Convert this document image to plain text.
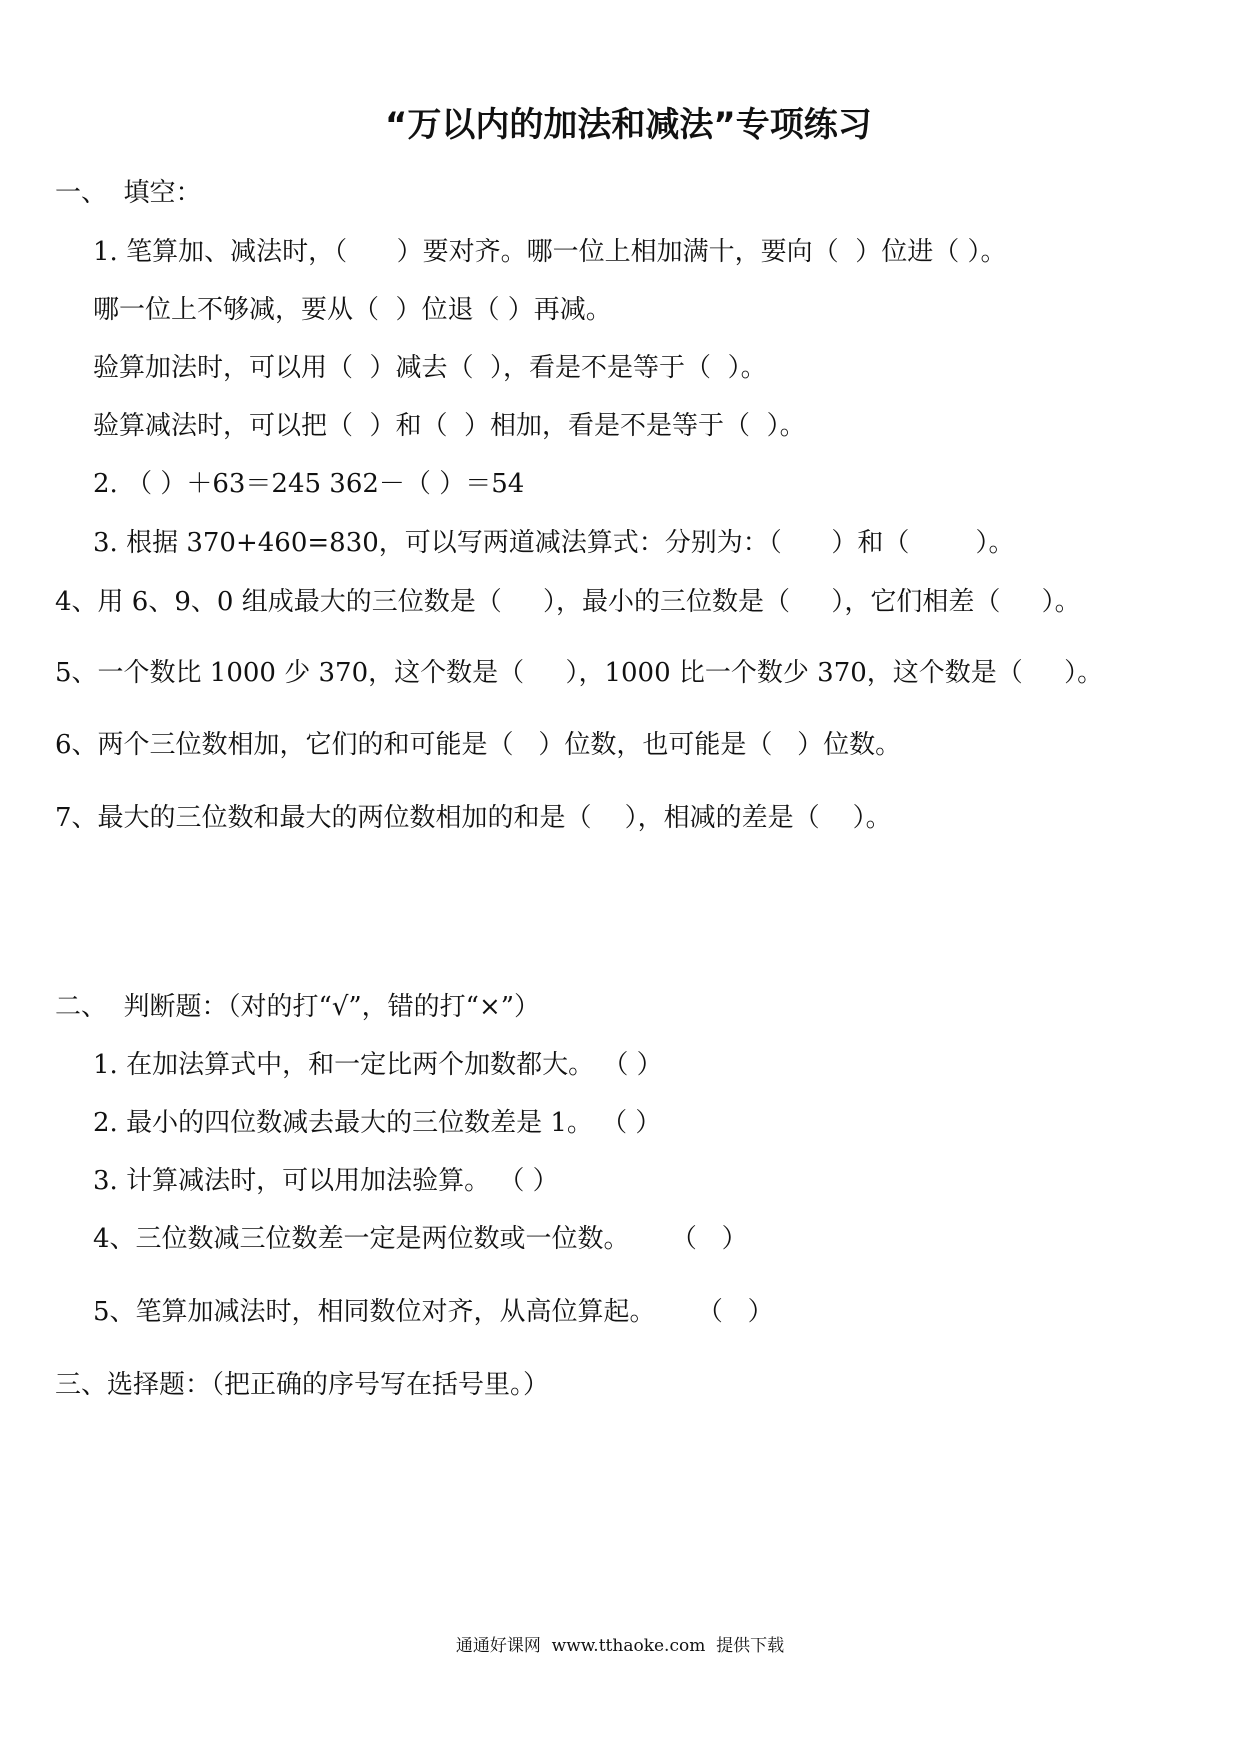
“万以内的加法和减法”专项练习
一、  填空：
1. 笔算加、减法时，（      ）要对齐。哪一位上相加满十，要向（  ）位进（ ）。
哪一位上不够减，要从（  ）位退（ ）再减。
验算加法时，可以用（  ）减去（  ），看是不是等于（  ）。
验算减法时，可以把（  ）和（  ）相加，看是不是等于（  ）。
2. （ ）＋63＝245 362－（ ）＝54
3. 根据 370+460=830，可以写两道减法算式：分别为：（      ）和（        ）。
4、用 6、9、0 组成最大的三位数是（     ），最小的三位数是（     ），它们相差（     ）。
5、一个数比 1000 少 370，这个数是（     ），1000 比一个数少 370，这个数是（     ）。
6、两个三位数相加，它们的和可能是（   ）位数，也可能是（   ）位数。
7、最大的三位数和最大的两位数相加的和是（    ），相减的差是（    ）。
二、  判断题：（对的打“√”，错的打“×”）
1. 在加法算式中，和一定比两个加数都大。 （ ）
2. 最小的四位数减去最大的三位数差是 1。 （ ）
3. 计算减法时，可以用加法验算。 （ ）
4、三位数减三位数差一定是两位数或一位数。     （   ）
5、笔算加减法时，相同数位对齐，从高位算起。     （   ）
三、选择题：（把正确的序号写在括号里。）
通通好课网  www.tthaoke.com  提供下载
